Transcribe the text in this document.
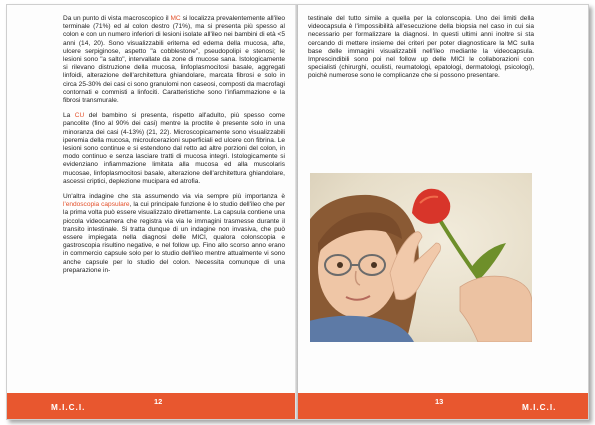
Da un punto di vista macroscopico il MC si localizza prevalentemente all'ileo terminale (71%) ed al colon destro (71%), ma si presenta più spesso al colon e con un numero inferiori di lesioni isolate all'ileo nei bambini di età <5 anni (14, 20). Sono visualizzabili eritema ed edema della mucosa, afte, ulcere serpiginose, aspetto "a cobblestone", pseudopolipi e stenosi; le lesioni sono "a salto", intervallate da zone di mucose sana. Istologicamente si rilevano distruzione della mucosa, linfoplasmocitosi basale, aggregati linfoidi, alterazione dell'architettura ghiandolare, marcata fibrosi e solo in circa 25-30% dei casi ci sono granulomi non caseosi, composti da macrofagi contornati e commisti a linfociti. Caratteristiche sono l'infiammazione e la fibrosi transmurale.

La CU del bambino si presenta, rispetto all'adulto, più spesso come pancolite (fino al 90% dei casi) mentre la proctite è presente solo in una minoranza dei casi (4-13%) (21, 22). Microscopicamente sono visualizzabili iperemia della mucosa, microulcerazioni superficiali ed ulcere con fibrina. Le lesioni sono continue e si estendono dal retto ad altre porzioni del colon, in modo continuo e senza lasciare tratti di mucosa integri. Istologicamente si evidenziano infiammazione limitata alla mucosa ed alla muscolaris mucosae, linfoplasmocitosi basale, alterazione dell'architettura ghiandolare, ascessi criptici, deplezione mucipara ed atrofia.

Un'altra indagine che sta assumendo via via sempre più importanza è l'endoscopia capsulare, la cui principale funzione è lo studio dell'ileo che per la prima volta può essere visualizzato direttamente. La capsula contiene una piccola videocamera che registra via via le immagini trasmesse durante il transito intestinale. Si tratta dunque di un indagine non invasiva, che può essere impiegata nella diagnosi delle MICI, qualora colonscopia e gastroscopia risultino negative, e nel follow up. Fino allo scorso anno erano in commercio capsule solo per lo studio dell'ileo mentre attualmente vi sono anche capsule per lo studio del colon. Necessita comunque di una preparazione in-

M.I.C.I.
12

testinale del tutto simile a quella per la colonscopia. Uno dei limiti della videocapsula è l'impossibilità all'esecuzione della biopsia nel caso in cui sia necessario per formalizzare la diagnosi. In questi ultimi anni inoltre si sta cercando di mettere insieme dei criteri per poter diagnosticare la MC sulla base delle immagini visualizzabili nell'ileo mediante la videocapsula. Imprescindibili sono poi nel follow up delle MICI le collaborazioni con specialisti (chirurghi, oculisti, reumatologi, epatologi, dermatologi, psicologi), poichè numerose sono le complicanze che si possono presentare.

13
M.I.C.I.
